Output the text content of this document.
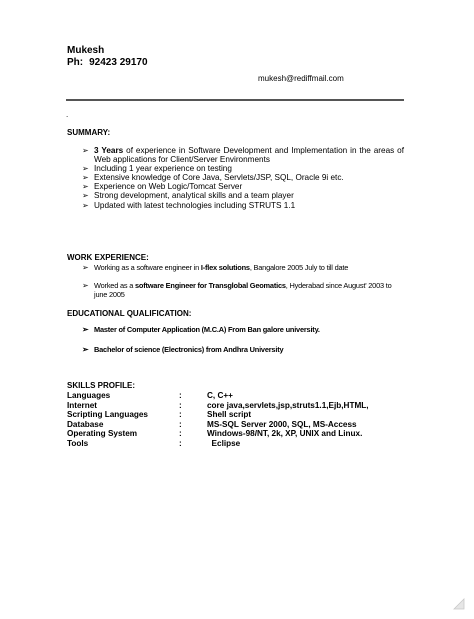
Mukesh
Ph: 92423 29170
mukesh@rediffmail.com
.
SUMMARY:
➢ 3 Years of experience in Software Development and Implementation in the areas of Web applications for Client/Server Environments
➢ Including 1 year experience on testing
➢ Extensive knowledge of Core Java, Servlets/JSP, SQL, Oracle 9i etc.
➢ Experience on Web Logic/Tomcat Server
➢ Strong development, analytical skills and a team player
➢ Updated with latest technologies including STRUTS 1.1
WORK EXPERIENCE:
➢ Working as a software engineer in I-flex solutions, Bangalore 2005 July to till date
➢ Worked as a software Engineer for Transglobal Geomatics, Hyderabad since August' 2003 to june 2005
EDUCATIONAL QUALIFICATION:
➢ Master of Computer Application (M.C.A) From Ban galore university.
➢ Bachelor of science (Electronics) from Andhra University
SKILLS PROFILE:
Languages	:	C, C++
Internet	:	core java,servlets,jsp,struts1.1,Ejb,HTML,
Scripting Languages	:	Shell script
Database	:	MS-SQL Server 2000, SQL, MS-Access
Operating System	:	Windows-98/NT, 2k, XP, UNIX and Linux.
Tools	:	Eclipse
